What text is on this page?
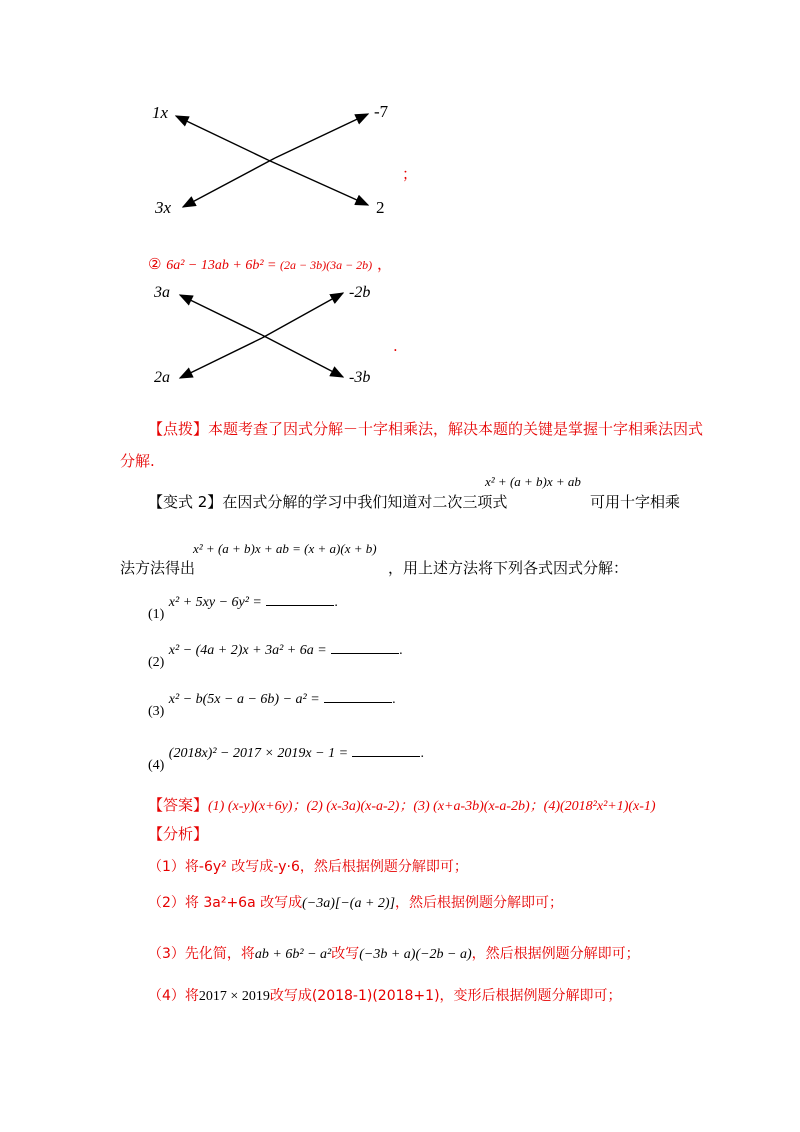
1x	-7
3x	2
；
② 6a² − 13ab + 6b² = (2a − 3b)(3a − 2b) ，
3a	-2b
2a	-3b
.
【点拨】本题考查了因式分解－十字相乘法，解决本题的关键是掌握十字相乘法因式
分解.
【变式 2】在因式分解的学习中我们知道对二次三项式
x² + (a + b)x + ab
可用十字相乘
法方法得出
x² + (a + b)x + ab = (x + a)(x + b)
，用上述方法将下列各式因式分解：
(1) x² + 5xy − 6y² =	.
(2) x² − (4a + 2)x + 3a² + 6a =	.
(3) x² − b(5x − a − 6b) − a² =	.
(4) (2018x)² − 2017 × 2019x − 1 =	.
【答案】(1) (x-y)(x+6y)；(2) (x-3a)(x-a-2)；(3) (x+a-3b)(x-a-2b)；(4)(2018²x²+1)(x-1)
【分析】
（1）将-6y² 改写成-y·6，然后根据例题分解即可；
（2）将 3a²+6a 改写成(−3a)[−(a + 2)]，然后根据例题分解即可；
（3）先化简，将ab + 6b² − a²改写(−3b + a)(−2b − a)，然后根据例题分解即可；
（4）将2017 × 2019改写成(2018-1)(2018+1)，变形后根据例题分解即可；
